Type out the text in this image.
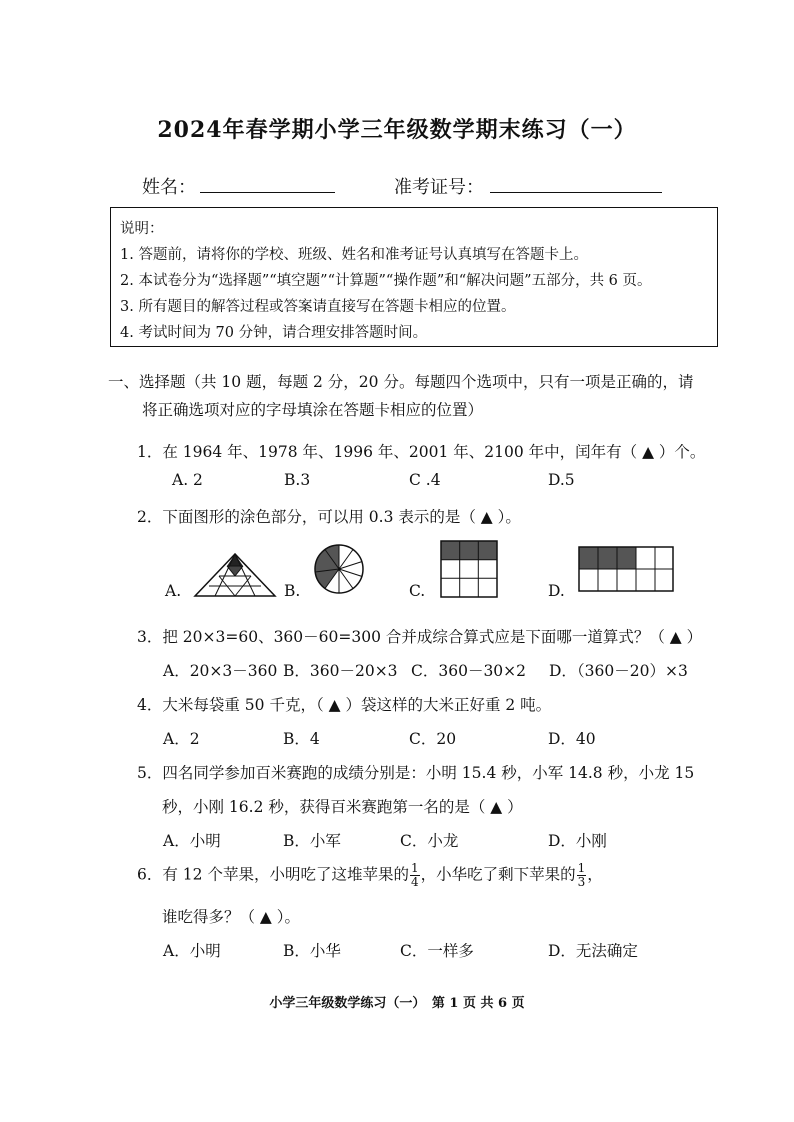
2024年春学期小学三年级数学期末练习（一）
姓名：	准考证号：
说明：
1. 答题前，请将你的学校、班级、姓名和准考证号认真填写在答题卡上。
2. 本试卷分为“选择题”“填空题”“计算题”“操作题”和“解决问题”五部分，共 6 页。
3. 所有题目的解答过程或答案请直接写在答题卡相应的位置。
4. 考试时间为 70 分钟，请合理安排答题时间。
一、选择题（共 10 题，每题 2 分，20 分。每题四个选项中，只有一项是正确的，请
将正确选项对应的字母填涂在答题卡相应的位置）
1．在 1964 年、1978 年、1996 年、2001 年、2100 年中，闰年有（ ▲ ）个。
A. 2	B.3	C .4	D.5
2．下面图形的涂色部分，可以用 0.3 表示的是（ ▲ ）。
A.	B.	C.	D.
3．把 20×3=60、360－60=300 合并成综合算式应是下面哪一道算式？（ ▲ ）
A．20×3－360 B．360－20×3 C．360－30×2 D．（360－20）×3
4．大米每袋重 50 千克，（ ▲ ）袋这样的大米正好重 2 吨。
A．2	B．4	C．20	D．40
5．四名同学参加百米赛跑的成绩分别是：小明 15.4 秒，小军 14.8 秒，小龙 15
秒，小刚 16.2 秒，获得百米赛跑第一名的是（ ▲ ）
A．小明	B．小军	C．小龙	D．小刚
6．有 12 个苹果，小明吃了这堆苹果的 $\frac{1}{4}$ ，小华吃了剩下苹果的 $\frac{1}{3}$ ，
谁吃得多？（ ▲ ）。
A．小明	B．小华	C．一样多	D．无法确定
小学三年级数学练习（一）　第 1 页 共 6 页
